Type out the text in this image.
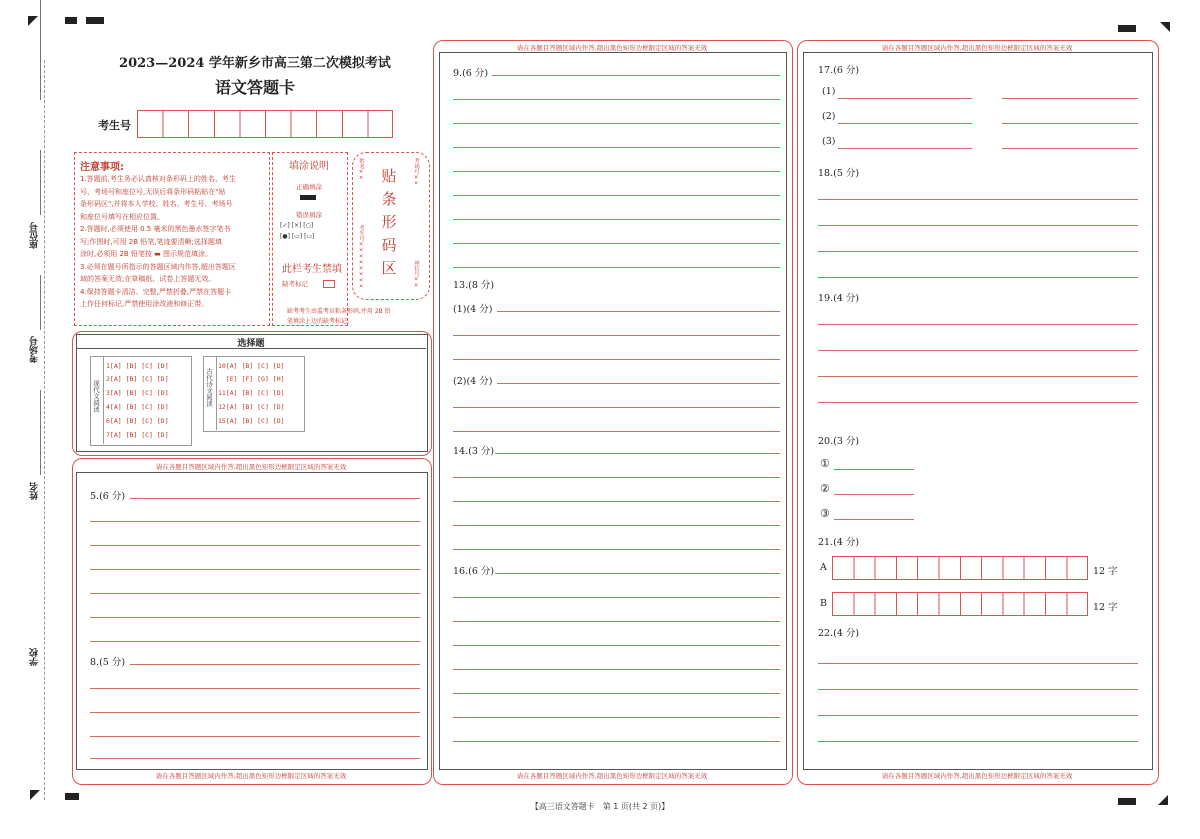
座位号
考场号
姓名
学校
2023—2024 学年新乡市高三第二次模拟考试
语文答题卡
考生号
注意事项:
1.答题前,考生务必认真核对条形码上的姓名、考生
号、考场号和座位号,无误后将条形码粘贴在"贴
条形码区",并将本人学校、姓名、考生号、考场号
和座位号填写在相应位置。
2.答题时,必须使用 0.5 毫米的黑色墨水签字笔书
写;作图时,可用 2B 铅笔,笔迹要清晰;选择题填
涂时,必须用 2B 铅笔按 ▬ 图示规范填涂。
3.必须在题号所指示的答题区域内作答,超出答题区
域的答案无效;在草稿纸、试卷上答题无效。
4.保持答题卡清洁、完整,严禁折叠,严禁在答题卡
上作任何标记,严禁使用涂改液和修正带。
填涂说明
正确填涂
错误填涂
[✓] [×] [○]
[●] [▭] [▭]
此栏考生禁填
缺考标记
贴
条
形
码
区
姓名××
考生号××××××××
考场号××
座位号××
缺考考生由监考员粘条形码,并用 2B 铅
笔填涂上边的缺考标记。
选择题
现代文阅读
1[A] [B] [C] [D]
2[A] [B] [C] [D]
3[A] [B] [C] [D]
4[A] [B] [C] [D]
6[A] [B] [C] [D]
7[A] [B] [C] [D]
古代诗文阅读
10[A] [B] [C] [D]
[E] [F] [G] [H]
11[A] [B] [C] [D]
12[A] [B] [C] [D]
15[A] [B] [C] [D]
请在各题目答题区域内作答,超出黑色矩形边框限定区域的答案无效
请在各题目答题区域内作答,超出黑色矩形边框限定区域的答案无效
5.(6 分)
8.(5 分)
请在各题目答题区域内作答,超出黑色矩形边框限定区域的答案无效
请在各题目答题区域内作答,超出黑色矩形边框限定区域的答案无效
9.(6 分)
13.(8 分)
(1)(4 分)
(2)(4 分)
14.(3 分)
16.(6 分)
请在各题目答题区域内作答,超出黑色矩形边框限定区域的答案无效
请在各题目答题区域内作答,超出黑色矩形边框限定区域的答案无效
17.(6 分)
(1)
(2)
(3)
18.(5 分)
19.(4 分)
20.(3 分)
①
②
③
21.(4 分)
A	12 字
B	12 字
22.(4 分)
【高三语文答题卡　第 1 页(共 2 页)】
